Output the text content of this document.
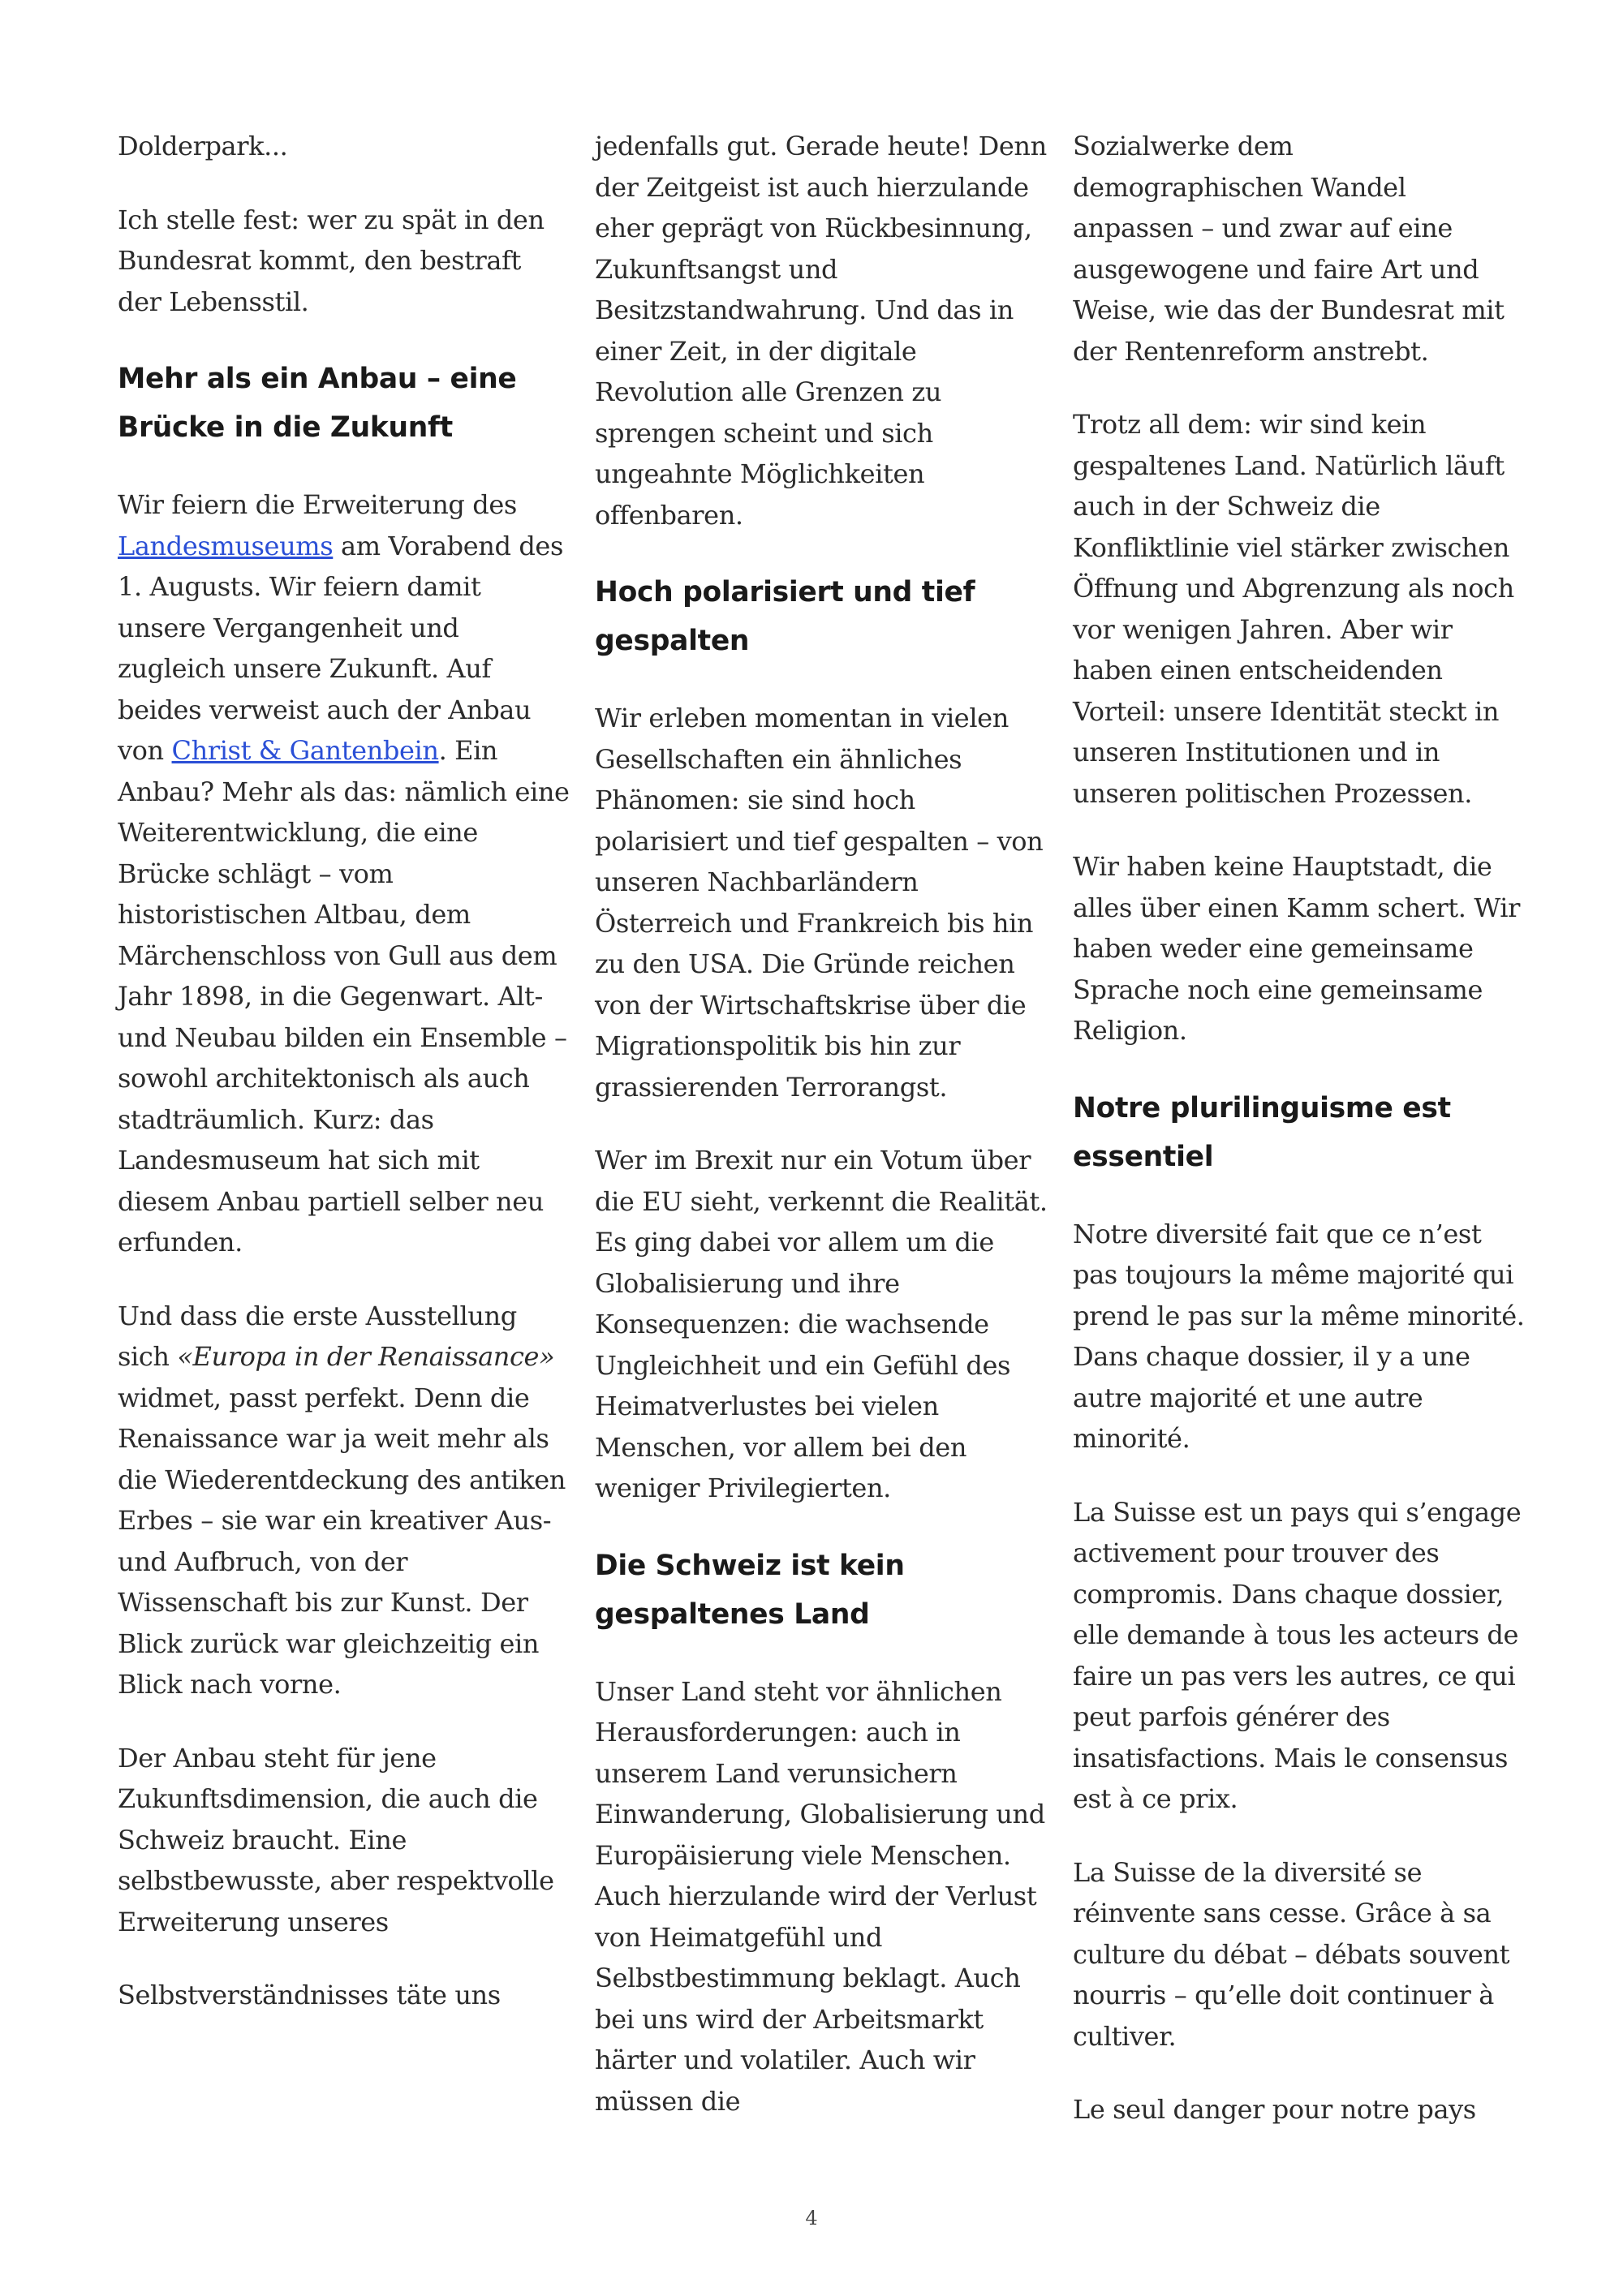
Dolderpark...

Ich stelle fest: wer zu spät in den Bundesrat kommt, den bestraft der Lebensstil.

Mehr als ein Anbau – eine Brücke in die Zukunft

Wir feiern die Erweiterung des Landesmuseums am Vorabend des 1. Augusts. Wir feiern damit unsere Vergangenheit und zugleich unsere Zukunft. Auf beides verweist auch der Anbau von Christ & Gantenbein. Ein Anbau? Mehr als das: nämlich eine Weiterentwicklung, die eine Brücke schlägt – vom historistischen Altbau, dem Märchenschloss von Gull aus dem Jahr 1898, in die Gegenwart. Alt- und Neubau bilden ein Ensemble – sowohl architektonisch als auch stadträumlich. Kurz: das Landesmuseum hat sich mit diesem Anbau partiell selber neu erfunden.

Und dass die erste Ausstellung sich «Europa in der Renaissance» widmet, passt perfekt. Denn die Renaissance war ja weit mehr als die Wiederentdeckung des antiken Erbes – sie war ein kreativer Aus- und Aufbruch, von der Wissenschaft bis zur Kunst. Der Blick zurück war gleichzeitig ein Blick nach vorne.

Der Anbau steht für jene Zukunftsdimension, die auch die Schweiz braucht. Eine selbstbewusste, aber respektvolle Erweiterung unseres

Selbstverständnisses täte uns

jedenfalls gut. Gerade heute! Denn der Zeitgeist ist auch hierzulande eher geprägt von Rückbesinnung, Zukunftsangst und Besitzstandwahrung. Und das in einer Zeit, in der digitale Revolution alle Grenzen zu sprengen scheint und sich ungeahnte Möglichkeiten offenbaren.

Hoch polarisiert und tief gespalten

Wir erleben momentan in vielen Gesellschaften ein ähnliches Phänomen: sie sind hoch polarisiert und tief gespalten – von unseren Nachbarländern Österreich und Frankreich bis hin zu den USA. Die Gründe reichen von der Wirtschaftskrise über die Migrationspolitik bis hin zur grassierenden Terrorangst.

Wer im Brexit nur ein Votum über die EU sieht, verkennt die Realität. Es ging dabei vor allem um die Globalisierung und ihre Konsequenzen: die wachsende Ungleichheit und ein Gefühl des Heimatverlustes bei vielen Menschen, vor allem bei den weniger Privilegierten.

Die Schweiz ist kein gespaltenes Land

Unser Land steht vor ähnlichen Herausforderungen: auch in unserem Land verunsichern Einwanderung, Globalisierung und Europäisierung viele Menschen. Auch hierzulande wird der Verlust von Heimatgefühl und Selbstbestimmung beklagt. Auch bei uns wird der Arbeitsmarkt härter und volatiler. Auch wir müssen die

Sozialwerke dem demographischen Wandel anpassen – und zwar auf eine ausgewogene und faire Art und Weise, wie das der Bundesrat mit der Rentenreform anstrebt.

Trotz all dem: wir sind kein gespaltenes Land. Natürlich läuft auch in der Schweiz die Konfliktlinie viel stärker zwischen Öffnung und Abgrenzung als noch vor wenigen Jahren. Aber wir haben einen entscheidenden Vorteil: unsere Identität steckt in unseren Institutionen und in unseren politischen Prozessen.

Wir haben keine Hauptstadt, die alles über einen Kamm schert. Wir haben weder eine gemeinsame Sprache noch eine gemeinsame Religion.

Notre plurilinguisme est essentiel

Notre diversité fait que ce n’est pas toujours la même majorité qui prend le pas sur la même minorité. Dans chaque dossier, il y a une autre majorité et une autre minorité.

La Suisse est un pays qui s’engage activement pour trouver des compromis. Dans chaque dossier, elle demande à tous les acteurs de faire un pas vers les autres, ce qui peut parfois générer des insatisfactions. Mais le consensus est à ce prix.

La Suisse de la diversité se réinvente sans cesse. Grâce à sa culture du débat – débats souvent nourris – qu’elle doit continuer à cultiver.

Le seul danger pour notre pays

4
